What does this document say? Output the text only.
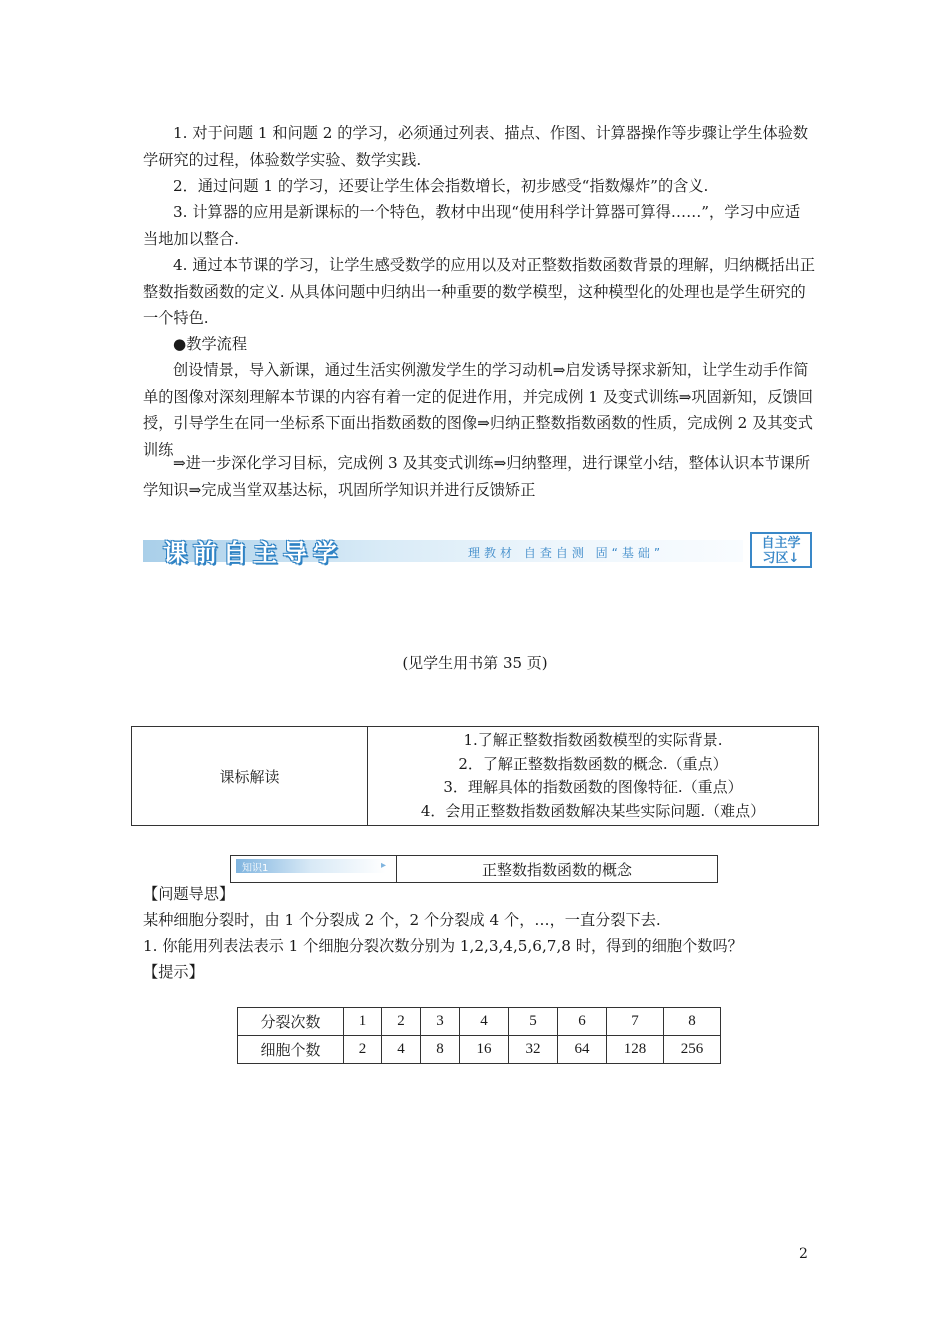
1. 对于问题 1 和问题 2 的学习，必须通过列表、描点、作图、计算器操作等步骤让学生体验数学研究的过程，体验数学实验、数学实践.

2．通过问题 1 的学习，还要让学生体会指数增长，初步感受“指数爆炸”的含义.

3. 计算器的应用是新课标的一个特色，教材中出现“使用科学计算器可算得……”，学习中应适当地加以整合.

4. 通过本节课的学习，让学生感受数学的应用以及对正整数指数函数背景的理解，归纳概括出正整数指数函数的定义. 从具体问题中归纳出一种重要的数学模型，这种模型化的处理也是学生研究的一个特色.

●教学流程

创设情景，导入新课，通过生活实例激发学生的学习动机⇒启发诱导探求新知，让学生动手作简单的图像对深刻理解本节课的内容有着一定的促进作用，并完成例 1 及变式训练⇒巩固新知，反馈回授，引导学生在同一坐标系下面出指数函数的图像⇒归纳正整数指数函数的性质，完成例 2 及其变式训练

⇒进一步深化学习目标，完成例 3 及其变式训练⇒归纳整理，进行课堂小结，整体认识本节课所学知识⇒完成当堂双基达标，巩固所学知识并进行反馈矫正

课前自主导学	理教材 自查自测 固“基础”
自主学
习区↓
(见学生用书第 35 页)
课标解读	
1.了解正整数指数函数模型的实际背景.
2．了解正整数指数函数的概念.（重点）
3．理解具体的指数函数的图像特征.（重点）
4．会用正整数指数函数解决某些实际问题.（难点）
知识1	▸	正整数指数函数的概念

【问题导思】

某种细胞分裂时，由 1 个分裂成 2 个，2 个分裂成 4 个，…，一直分裂下去.

1. 你能用列表法表示 1 个细胞分裂次数分别为 1,2,3,4,5,6,7,8 时，得到的细胞个数吗？

【提示】

分裂次数	1	2	3	4	5	6	7	8
细胞个数	2	4	8	16	32	64	128	256
2
